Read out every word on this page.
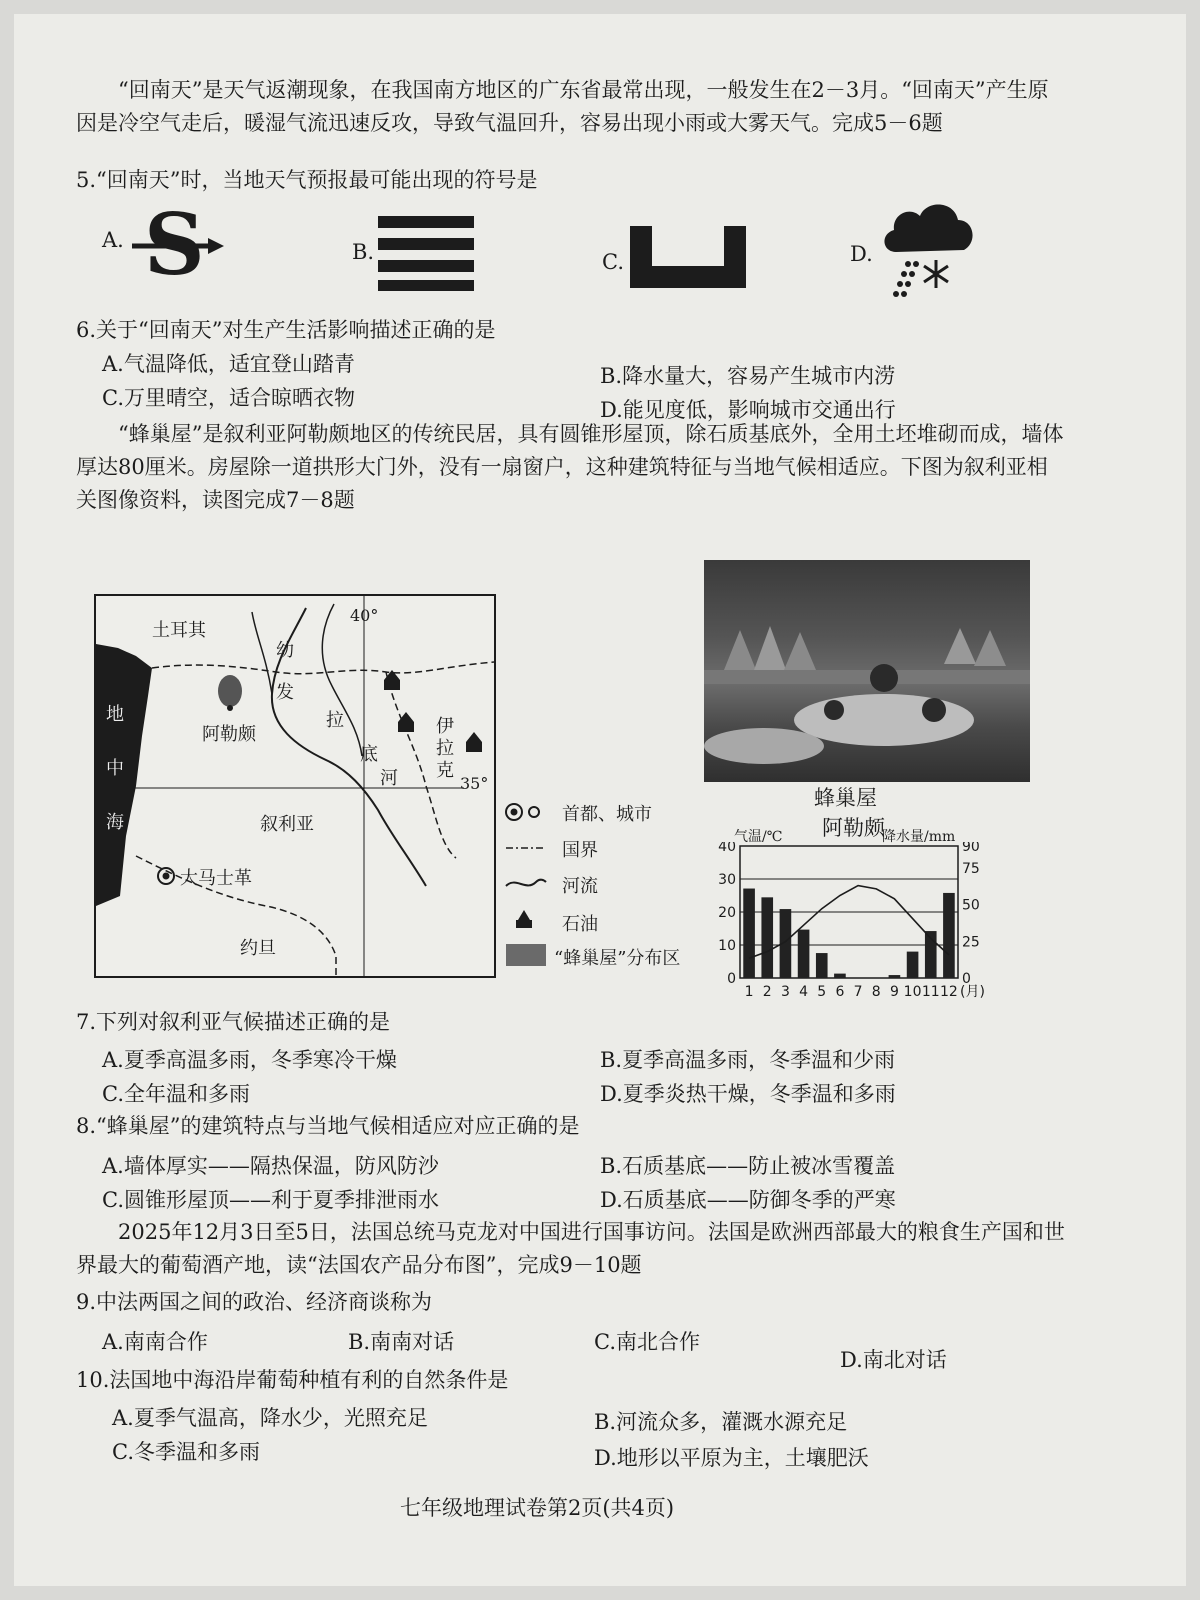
“回南天”是天气返潮现象，在我国南方地区的广东省最常出现，一般发生在2－3月。“回南天”产生原因是冷空气走后，暖湿气流迅速反攻，导致气温回升，容易出现小雨或大雾天气。完成5－6题
5.“回南天”时，当地天气预报最可能出现的符号是
A. S	B.	C.	D.
6.关于“回南天”对生产生活影响描述正确的是
A.气温降低，适宜登山踏青	B.降水量大，容易产生城市内涝
C.万里晴空，适合晾晒衣物	D.能见度低，影响城市交通出行
“蜂巢屋”是叙利亚阿勒颇地区的传统民居，具有圆锥形屋顶，除石质基底外，全用土坯堆砌而成，墙体厚达80厘米。房屋除一道拱形大门外，没有一扇窗户，这种建筑特征与当地气候相适应。下图为叙利亚相关图像资料，读图完成7－8题
土耳其
幼
发
拉
底
河
伊
拉
克
地
中
海
阿勒颇
叙利亚
大马士革
约旦
40°
35°
首都、城市
国界
河流
石油
“蜂巢屋”分布区
蜂巢屋
阿勒颇
气温/℃	降水量/mm
0
10
20
30
40
0
25
50
75
90
1 2 3 4 5 6 7 8 9 10 11 12 (月)
7.下列对叙利亚气候描述正确的是
A.夏季高温多雨，冬季寒冷干燥	B.夏季高温多雨，冬季温和少雨
C.全年温和多雨	D.夏季炎热干燥，冬季温和多雨
8.“蜂巢屋”的建筑特点与当地气候相适应对应正确的是
A.墙体厚实——隔热保温，防风防沙	B.石质基底——防止被冰雪覆盖
C.圆锥形屋顶——利于夏季排泄雨水	D.石质基底——防御冬季的严寒
2025年12月3日至5日，法国总统马克龙对中国进行国事访问。法国是欧洲西部最大的粮食生产国和世界最大的葡萄酒产地，读“法国农产品分布图”，完成9－10题
9.中法两国之间的政治、经济商谈称为
A.南南合作	B.南南对话	C.南北合作
D.南北对话
10.法国地中海沿岸葡萄种植有利的自然条件是
A.夏季气温高，降水少，光照充足	B.河流众多，灌溉水源充足
C.冬季温和多雨	D.地形以平原为主，土壤肥沃
七年级地理试卷第2页(共4页)
